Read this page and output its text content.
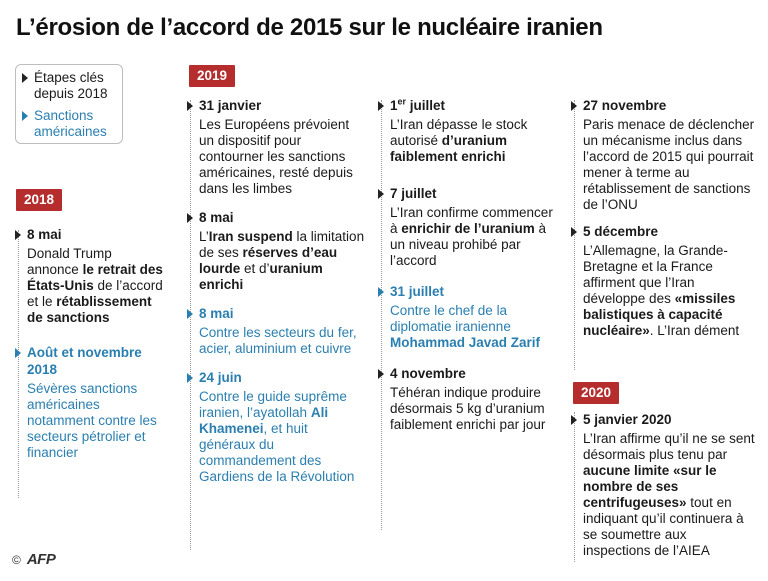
L’érosion de l’accord de 2015 sur le nucléaire iranien
Étapes clés depuis 2018
Sanctions américaines
2018
2019
2020
8 mai
Donald Trump annonce le retrait des États-Unis de l’accord et le rétablissement de sanctions
Août et novembre 2018
Sévères sanctions américaines notamment contre les secteurs pétrolier et financier
31 janvier
Les Européens prévoient un dispositif pour contourner les sanctions américaines, resté depuis dans les limbes
8 mai
L’Iran suspend la limitation de ses réserves d’eau lourde et d’uranium enrichi
8 mai
Contre les secteurs du fer, acier, aluminium et cuivre
24 juin
Contre le guide suprême iranien, l’ayatollah Ali Khamenei, et huit généraux du commandement des Gardiens de la Révolution
1er juillet
L’Iran dépasse le stock autorisé d’uranium faiblement enrichi
7 juillet
L’Iran confirme commencer à enrichir de l’uranium à un niveau prohibé par l’accord
31 juillet
Contre le chef de la diplomatie iranienne Mohammad Javad Zarif
4 novembre
Téhéran indique produire désormais 5 kg d’uranium faiblement enrichi par jour
27 novembre
Paris menace de déclencher un mécanisme inclus dans l’accord de 2015 qui pourrait mener à terme au rétablissement de sanctions de l’ONU
5 décembre
L’Allemagne, la Grande-Bretagne et la France affirment que l’Iran développe des «missiles balistiques à capacité nucléaire». L’Iran dément
5 janvier 2020
L’Iran affirme qu’il ne se sent désormais plus tenu par aucune limite «sur le nombre de ses centrifugeuses» tout en indiquant qu’il continuera à se soumettre aux inspections de l’AIEA
© AFP
